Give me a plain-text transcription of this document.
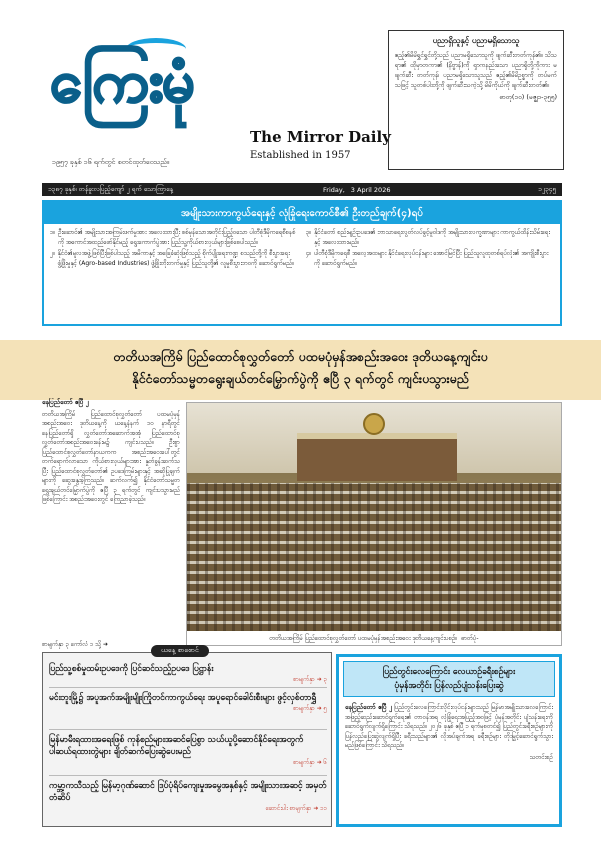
ကြေးမုံ
၁၉၅၇ ခုနှစ် ၁၆ ရက်တွင် စတင်ထုတ်ဝေသည်။
The Mirror Daily
Established in 1957
ပညာရှိသူနှင့် ပညာမရှိသောသူ
ဧည့်၏မိမိရွှင်ရွှင်တို့သည် ပညာမရှိသောသူကို ဖျက်ဆီးတတ်ကုန်၏။ သိသရာ၏ ထိုမှာတကာ၏ (နိဗ္ဗာန်)ကို ရှာကနည်းသော ပညာရှိတို့ကိုကား မဖျက်ဆီး တတ်ကုန်၊ ပညာမရှိသောသူသည် ဧည့်၏မိမိဥစ္စာကို တပ်မက်သဖြင့် သူတစ်ပါးတို့ကို ဖျက်ဆီးသကဲ့သို့ မိမိကိုယ်ကို ဖျက်ဆီးတတ်၏။
ဓာတု(၁၀) (မဇ္ဈ၁-၃၅၅)
၁၃၈၇ ခုနှစ်၊ တန်ခူးလပြည့်ကျော် ၂ ရက် သောကြာနေ့	Friday, 3 April 2026	၁၂၃၄၅
အမျိုးသားကာကွယ်ရေးနှင့် လုံခြုံရေးကောင်စီ၏ ဦးတည်ချက်(၄)ရပ်
၁။ ဦးဆောင်၏ အမျိုးသားအကြမ်းဖက်မှုအား အလေးထားပြီး စစ်မှန်သောအတိုင်းပြည့်ဝသော ပါတီစုံဒီမိုကရေစီစနစ်ကို အကောင်အထည်ဖော်နိုင်မည့် ရွေးကောက်ပွဲအား ပြည်သူ့ကိုယ်စားလှယ်များဖြစ်စေပါသည်။
၂။ နိုင်ငံ၏မူလအဖွဲ့ဖြစ်ပြီးဖြစ်ပါသည့် အမိကာနှင့် အခြေခံဆုံးဖြစ်သည့် စိုက်ပျိုးရေးကဏ္ဍ စသည်တို့ကို စီးပွားရေးဖွံ့ဖြိုးမှုနှင့် (Agro-based Industries) ဖွံ့ဖြိုးတိုးတက်မှုနှင့် ပြည်သူတို့၏ လူမှုစီးပွားဘဝကို ဆောင်ရွက်မည်။
၃။ နိုင်ငံတော် စည်းမျဉ်းဥပဒေ၏ ဘာသာရေးလွတ်လပ်ခွင့်မူဝါဒကို အမျိုးသားလက္ခဏာများ ကာကွယ်ထိန်းသိမ်းရေး နှင့် အလေးထားမည်။
၄။ ပါတီစုံဒီမိုကရေစီ အလေ့အထများ နိုင်ငံရေးလုပ်ငန်းများ အောင်မြင်ပြီး ပြည်သူလူထုတစ်ရပ်လုံး၏ အကျိုးစီးပွားကို ဆောင်ရွက်မည်။
တတိယအကြိမ် ပြည်ထောင်စုလွှတ်တော် ပထမပုံမှန်အစည်းအဝေး ဒုတိယနေ့ကျင်းပ
နိုင်ငံတော်သမ္မတရွေးချယ်တင်မြှောက်ပွဲကို ဧပြီ ၃ ရက်တွင် ကျင်းပသွားမည်
နေပြည်တော် ဧပြီ ၂
တတိယအကြိမ် ပြည်ထောင်စုလွှတ်တော် ပထမပုံမှန်အစည်းအဝေး ဒုတိယနေ့ကို ယနေ့နံနက် ၁၀ နာရီတွင် နေပြည်တော်ရှိ လွှတ်တော်အဆောက်အအုံ ပြည်ထောင်စုလွှတ်တော်အစည်းအဝေးခန်းမ၌ ကျင်းပသည်။ ဦးစွာ ပြည်ထောင်စုလွှတ်တော်နာယကက အစည်းအဝေးပေါ်တွင် တက်ရောက်လာသော ကိုယ်စားလှယ်များအား နှုတ်ခွန်းဆက်သပြီး ပြည်ထောင်စုလွှတ်တော်၏ ဥပဒေကြမ်းများနှင့် အဆိုပြုချက်များကို ဆွေးနွေးခဲ့ကြသည်။ ဆက်လက်၍ နိုင်ငံတော်သမ္မတ ရွေးချယ်တင်မြှောက်ပွဲကို ဧပြီ ၃ ရက်တွင် ကျင်းပသွားမည်ဖြစ်ကြောင်း အစည်းအဝေးတွင် ကြေညာခဲ့သည်။
စာမျက်နှာ ၃ ကော်လံ ၁ သို့ ➜
တတိယအကြိမ် ပြည်ထောင်စုလွှတ်တော် ပထမပုံမှန်အစည်းအဝေး ဒုတိယနေ့ကျင်းပစဉ်။ ဓာတ်ပုံ-
ယနေ့ စာစောင်
ပြည်သူ့စစ်မှုထမ်းဥပဒေကို ပြင်ဆင်သည့်ဥပဒေ ပြဋ္ဌာန်း
စာမျက်နှာ ➜ ၃
မင်းဘူးမြို့၌ အပူအက်အမျိုးမျိုးကြိုတင်ကာကွယ်ရေး အပူရောင်ခေါင်းစီးများ ဖွင့်လှစ်တာရွှီ
စာမျက်နှာ ➜ ၅
မြန်မာမီးရထားအရေးဖြစ် ကုန်စည်များအဆင်ပြေစွာ သယ်ယူပို့ဆောင်နိုင်ရေးအတွက် ပါဆယ်ရထားတွဲများ ချိတ်ဆက်ပြေးဆွဲပေးမည်
စာမျက်နှာ ➜ ၆
ကမ္ဘာ့ကသီသည့် မြန်မာ့ဂုဏ်ဆောင် ဒြပ်ပုံရိပ်ကျေးမှုအမွေအနှစ်နှင့် အမျိုးသားအဆင့် အမှတ်တံဆိပ်
ဆောင်းပါး စာမျက်နှာ ➜ ၁၁
ပြည်တွင်းလေကြောင်း လေယာဉ်ခရီးစဉ်များ
ပုံမှန်အတိုင်း ပြန်လည်ပျံသန်းပြေးဆွဲ
နေပြည်တော် ဧပြီ ၂ ပြည်တွင်းလေကြောင်းလိုင်းလုပ်ငန်းများသည် မြန်မာအမျိုးသားလေကြောင်း အဖြည့်ဆည်းဆောင်ရွက်ရေး၏ တာဝန်အရ လုံခြုံရေးအပြည့်အဝဖြင့် ပုံမှန်အတိုင်း ပျံသန်းရေးကို ဆောင်ရွက်လျက်ရှိကြောင်း သိရသည်။ ၂၀၂၆ ခုနှစ် ဧပြီ ၁ ရက်မှစတင်၍ ပြည်တွင်းခရီးစဉ်များကို ပြန်လည်ပြေးဆွဲလျက်ရှိပြီး ခရီးသည်များ၏ လိုအပ်ချက်အရ ခရီးစဉ်များ တိုးမြှင့်ဆောင်ရွက်သွားမည်ဖြစ်ကြောင်း သိရသည်။
သတင်းစဉ်
